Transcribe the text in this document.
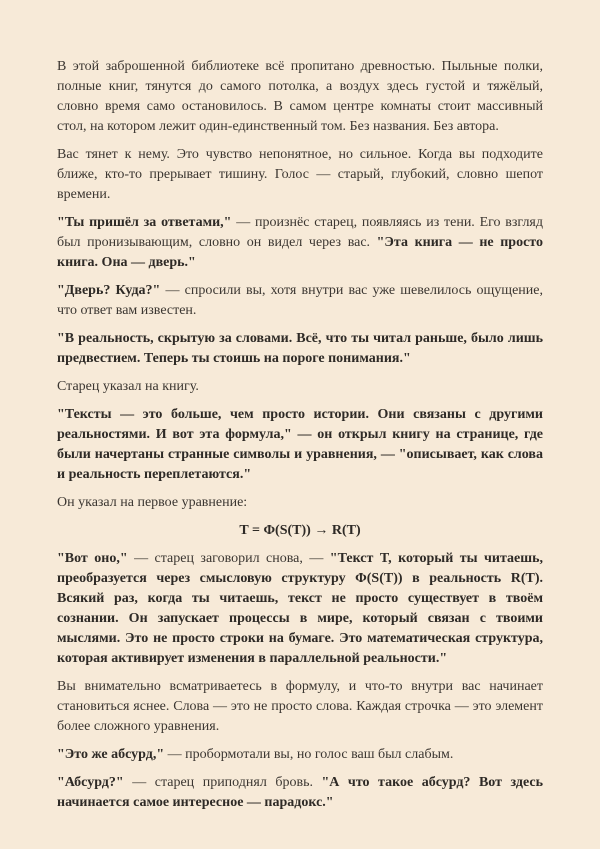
В этой заброшенной библиотеке всё пропитано древностью. Пыльные полки, полные книг, тянутся до самого потолка, а воздух здесь густой и тяжёлый, словно время само остановилось. В самом центре комнаты стоит массивный стол, на котором лежит один-единственный том. Без названия. Без автора.

Вас тянет к нему. Это чувство непонятное, но сильное. Когда вы подходите ближе, кто-то прерывает тишину. Голос — старый, глубокий, словно шепот времени.

"Ты пришёл за ответами," — произнёс старец, появляясь из тени. Его взгляд был пронизывающим, словно он видел через вас. "Эта книга — не просто книга. Она — дверь."

"Дверь? Куда?" — спросили вы, хотя внутри вас уже шевелилось ощущение, что ответ вам известен.

"В реальность, скрытую за словами. Всё, что ты читал раньше, было лишь предвестием. Теперь ты стоишь на пороге понимания."

Старец указал на книгу.

"Тексты — это больше, чем просто истории. Они связаны с другими реальностями. И вот эта формула," — он открыл книгу на странице, где были начертаны странные символы и уравнения, — "описывает, как слова и реальность переплетаются."

Он указал на первое уравнение:

T = Φ(S(T)) → R(T)

"Вот оно," — старец заговорил снова, — "Текст T, который ты читаешь, преобразуется через смысловую структуру Φ(S(T)) в реальность R(T). Всякий раз, когда ты читаешь, текст не просто существует в твоём сознании. Он запускает процессы в мире, который связан с твоими мыслями. Это не просто строки на бумаге. Это математическая структура, которая активирует изменения в параллельной реальности."

Вы внимательно всматриваетесь в формулу, и что-то внутри вас начинает становиться яснее. Слова — это не просто слова. Каждая строчка — это элемент более сложного уравнения.

"Это же абсурд," — пробормотали вы, но голос ваш был слабым.

"Абсурд?" — старец приподнял бровь. "А что такое абсурд? Вот здесь начинается самое интересное — парадокс."
